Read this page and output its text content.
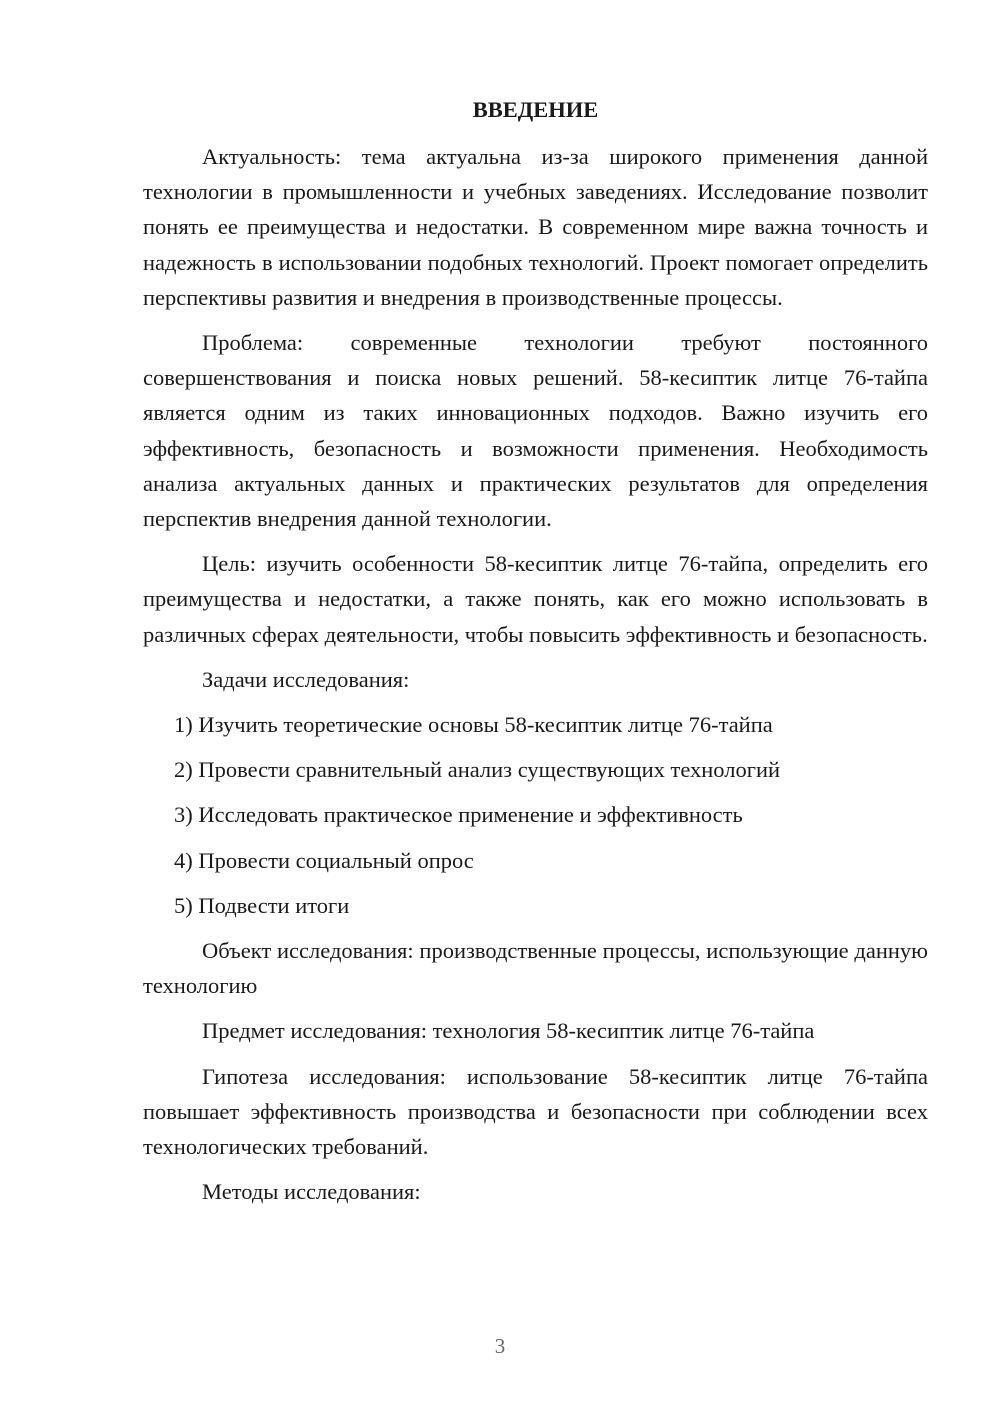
ВВЕДЕНИЕ

Актуальность: тема актуальна из-за широкого применения данной технологии в промышленности и учебных заведениях. Исследование позволит понять ее преимущества и недостатки. В современном мире важна точность и надежность в использовании подобных технологий. Проект помогает определить перспективы развития и внедрения в производственные процессы.

Проблема: современные технологии требуют постоянного совершенствования и поиска новых решений. 58-кесиптик литце 76-тайпа является одним из таких инновационных подходов. Важно изучить его эффективность, безопасность и возможности применения. Необходимость анализа актуальных данных и практических результатов для определения перспектив внедрения данной технологии.

Цель: изучить особенности 58-кесиптик литце 76-тайпа, определить его преимущества и недостатки, а также понять, как его можно использовать в различных сферах деятельности, чтобы повысить эффективность и безопасность.

Задачи исследования:

1) Изучить теоретические основы 58-кесиптик литце 76-тайпа

2) Провести сравнительный анализ существующих технологий

3) Исследовать практическое применение и эффективность

4) Провести социальный опрос

5) Подвести итоги

Объект исследования: производственные процессы, использующие данную технологию

Предмет исследования: технология 58-кесиптик литце 76-тайпа

Гипотеза исследования: использование 58-кесиптик литце 76-тайпа повышает эффективность производства и безопасности при соблюдении всех технологических требований.

Методы исследования:

3
